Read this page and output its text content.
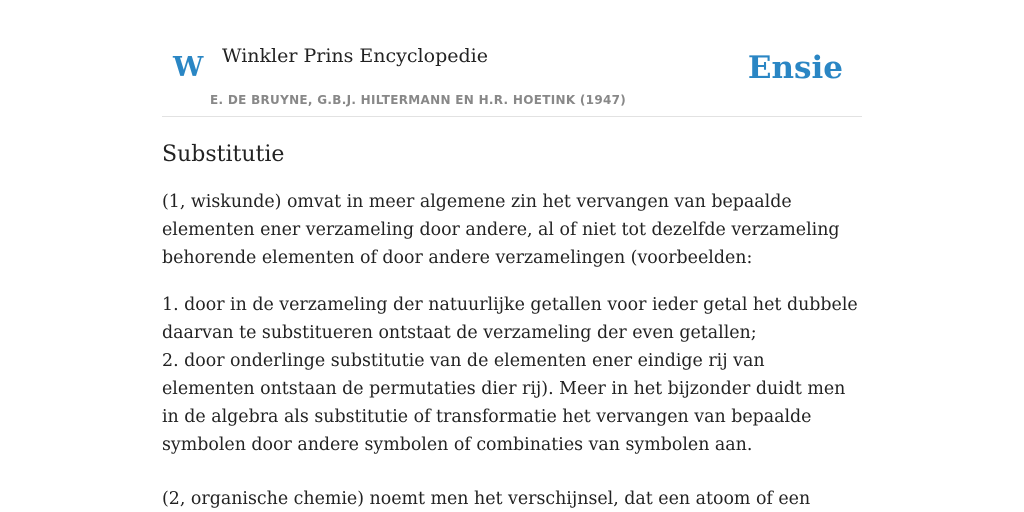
W Winkler Prins Encyclopedie
E. DE BRUYNE, G.B.J. HILTERMANN EN H.R. HOETINK (1947)
Ensie
Substitutie

(1, wiskunde) omvat in meer algemene zin het vervangen van bepaalde elementen ener verzameling door andere, al of niet tot dezelfde verzameling behorende elementen of door andere verzamelingen (voorbeelden:

1. door in de verzameling der natuurlijke getallen voor ieder getal het dubbele daarvan te substitueren ontstaat de verzameling der even getallen;
2. door onderlinge substitutie van de elementen ener eindige rij van elementen ontstaan de permutaties dier rij). Meer in het bijzonder duidt men in de algebra als substitutie of transformatie het vervangen van bepaalde symbolen door andere symbolen of combinaties van symbolen aan.

(2, organische chemie) noemt men het verschijnsel, dat een atoom of een
